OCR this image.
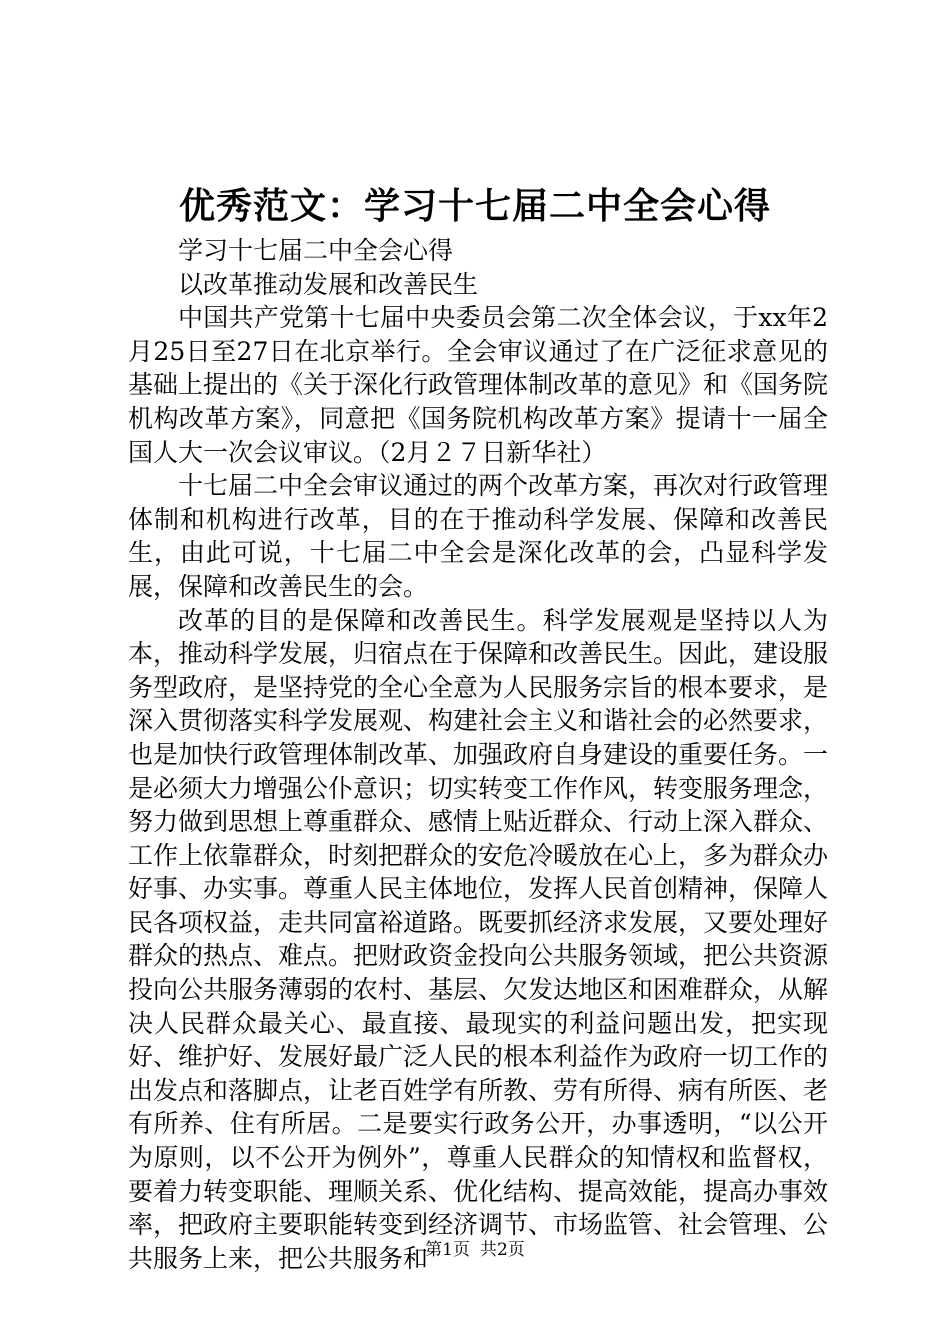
优秀范文：学习十七届二中全会心得

学习十七届二中全会心得

以改革推动发展和改善民生

中国共产党第十七届中央委员会第二次全体会议，于xx年2月25日至27日在北京举行。全会审议通过了在广泛征求意见的基础上提出的《关于深化行政管理体制改革的意见》和《国务院机构改革方案》，同意把《国务院机构改革方案》提请十一届全国人大一次会议审议。（2月２７日新华社）

十七届二中全会审议通过的两个改革方案，再次对行政管理体制和机构进行改革，目的在于推动科学发展、保障和改善民生，由此可说，十七届二中全会是深化改革的会，凸显科学发展，保障和改善民生的会。

改革的目的是保障和改善民生。科学发展观是坚持以人为本，推动科学发展，归宿点在于保障和改善民生。因此，建设服务型政府，是坚持党的全心全意为人民服务宗旨的根本要求，是深入贯彻落实科学发展观、构建社会主义和谐社会的必然要求，也是加快行政管理体制改革、加强政府自身建设的重要任务。一是必须大力增强公仆意识；切实转变工作作风，转变服务理念，努力做到思想上尊重群众、感情上贴近群众、行动上深入群众、工作上依靠群众，时刻把群众的安危冷暖放在心上，多为群众办好事、办实事。尊重人民主体地位，发挥人民首创精神，保障人民各项权益，走共同富裕道路。既要抓经济求发展，又要处理好群众的热点、难点。把财政资金投向公共服务领域，把公共资源投向公共服务薄弱的农村、基层、欠发达地区和困难群众，从解决人民群众最关心、最直接、最现实的利益问题出发，把实现好、维护好、发展好最广泛人民的根本利益作为政府一切工作的出发点和落脚点，让老百姓学有所教、劳有所得、病有所医、老有所养、住有所居。二是要实行政务公开，办事透明，“以公开为原则，以不公开为例外”，尊重人民群众的知情权和监督权，要着力转变职能、理顺关系、优化结构、提高效能，提高办事效率，把政府主要职能转变到经济调节、市场监管、社会管理、公共服务上来，把公共服务和

第1页 共2页
